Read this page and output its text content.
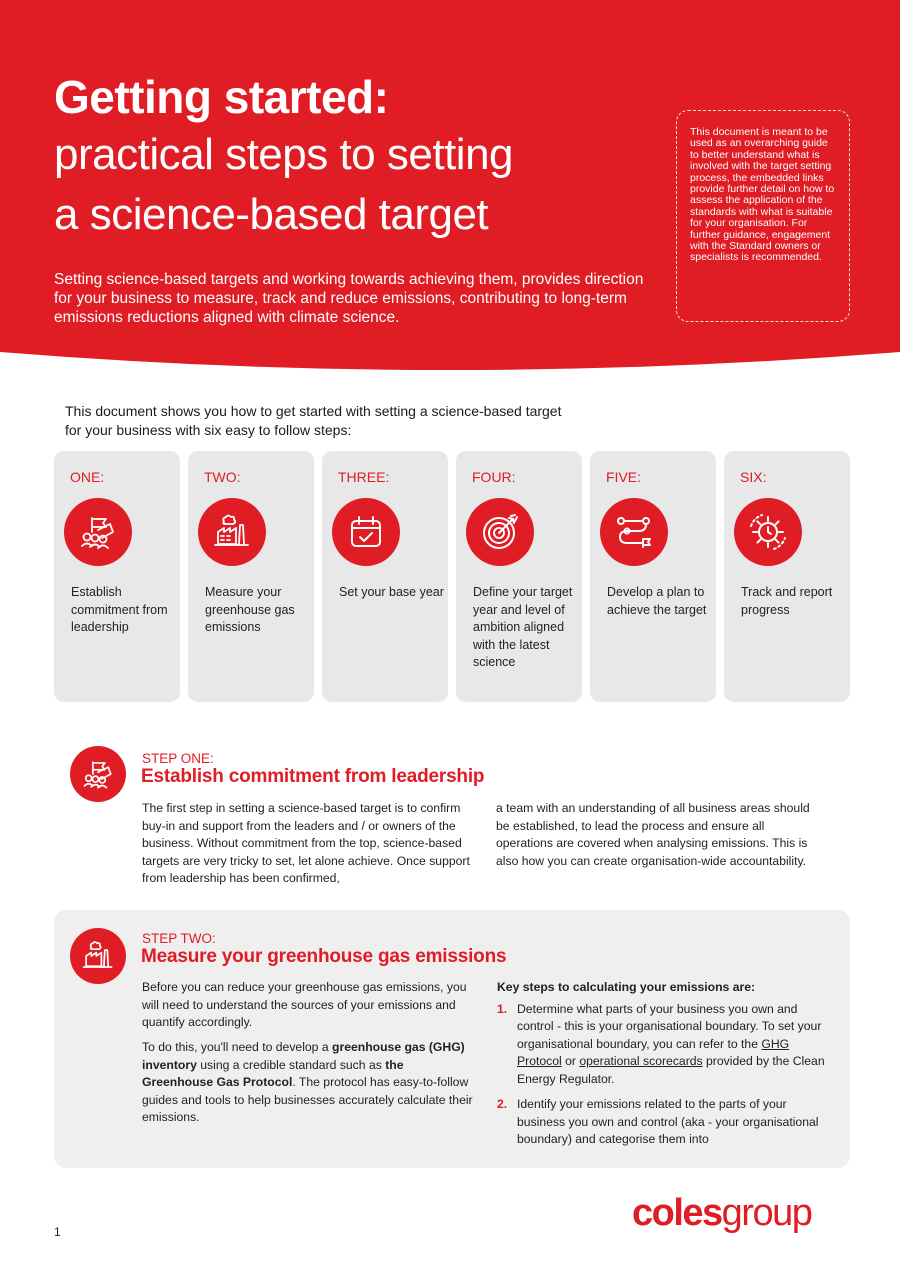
Getting started:
practical steps to setting
a science-based target
Setting science-based targets and working towards achieving them, provides direction for your business to measure, track and reduce emissions, contributing to long-term emissions reductions aligned with climate science.
This document is meant to be used as an overarching guide to better understand what is involved with the target setting process, the embedded links provide further detail on how to assess the application of the standards with what is suitable for your organisation. For further guidance, engagement with the Standard owners or specialists is recommended.
This document shows you how to get started with setting a science-based target for your business with six easy to follow steps:
ONE:
Establish commitment from leadership
TWO:
Measure your greenhouse gas emissions
THREE:
Set your base year
FOUR:
Define your target year and level of ambition aligned with the latest science
FIVE:
Develop a plan to achieve the target
SIX:
Track and report progress
STEP ONE:
Establish commitment from leadership
The first step in setting a science-based target is to confirm buy-in and support from the leaders and / or owners of the business. Without commitment from the top, science-based targets are very tricky to set, let alone achieve. Once support from leadership has been confirmed,
a team with an understanding of all business areas should be established, to lead the process and ensure all operations are covered when analysing emissions. This is also how you can create organisation-wide accountability.
STEP TWO:
Measure your greenhouse gas emissions
Before you can reduce your greenhouse gas emissions, you will need to understand the sources of your emissions and quantify accordingly.
To do this, you'll need to develop a greenhouse gas (GHG) inventory using a credible standard such as the Greenhouse Gas Protocol. The protocol has easy-to-follow guides and tools to help businesses accurately calculate their emissions.
Key steps to calculating your emissions are:
1. Determine what parts of your business you own and control - this is your organisational boundary. To set your organisational boundary, you can refer to the GHG Protocol or operational scorecards provided by the Clean Energy Regulator.
2. Identify your emissions related to the parts of your business you own and control (aka - your organisational boundary) and categorise them into
1	colesgroup
